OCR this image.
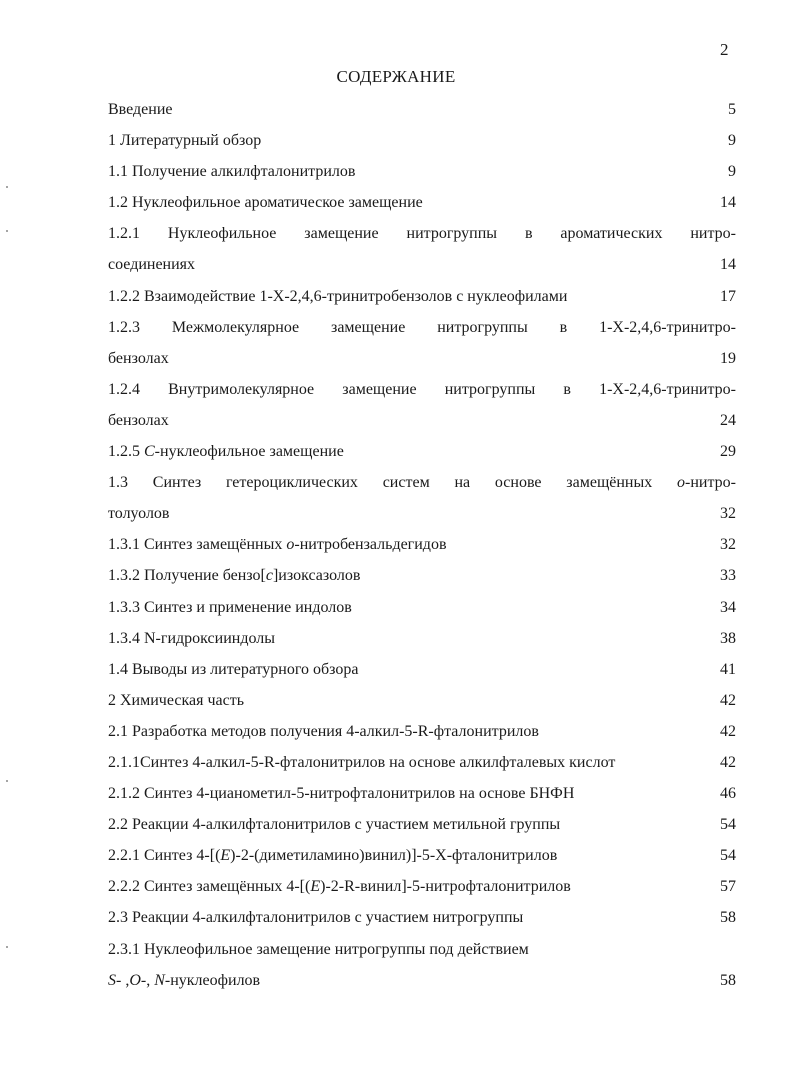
2
СОДЕРЖАНИЕ
Введение	5
1 Литературный обзор	9
1.1 Получение алкилфталонитрилов	9
1.2 Нуклеофильное ароматическое замещение	14
1.2.1 Нуклеофильное замещение нитрогруппы в ароматических нитро-
соединениях	14
1.2.2 Взаимодействие 1-X-2,4,6-тринитробензолов с нуклеофилами	17
1.2.3 Межмолекулярное замещение нитрогруппы в 1-X-2,4,6-тринитро-
бензолах	19
1.2.4 Внутримолекулярное замещение нитрогруппы в 1-X-2,4,6-тринитро-
бензолах	24
1.2.5 C-нуклеофильное замещение	29
1.3 Синтез гетероциклических систем на основе замещённых o-нитро-
толуолов	32
1.3.1 Синтез замещённых o-нитробензальдегидов	32
1.3.2 Получение бензо[c]изоксазолов	33
1.3.3 Синтез и применение индолов	34
1.3.4 N-гидроксииндолы	38
1.4 Выводы из литературного обзора	41
2 Химическая часть	42
2.1 Разработка методов получения 4-алкил-5-R-фталонитрилов	42
2.1.1Синтез 4-алкил-5-R-фталонитрилов на основе алкилфталевых кислот	42
2.1.2 Синтез 4-цианометил-5-нитрофталонитрилов на основе БНФН	46
2.2 Реакции 4-алкилфталонитрилов с участием метильной группы	54
2.2.1 Синтез 4-[(E)-2-(диметиламино)винил)]-5-X-фталонитрилов	54
2.2.2 Синтез замещённых 4-[(E)-2-R-винил]-5-нитрофталонитрилов	57
2.3 Реакции 4-алкилфталонитрилов с участием нитрогруппы	58
2.3.1 Нуклеофильное замещение нитрогруппы под действием
S- ,O-, N-нуклеофилов	58
